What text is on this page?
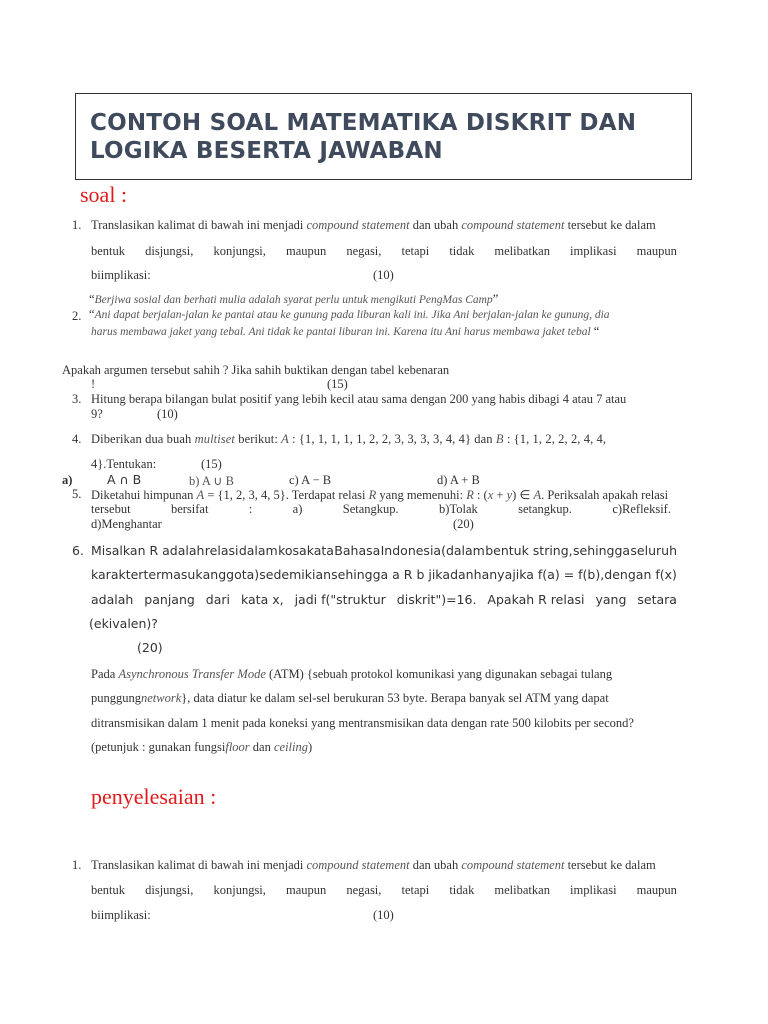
CONTOH SOAL MATEMATIKA DISKRIT DAN
LOGIKA BESERTA JAWABAN
soal :
1. Translasikan kalimat di bawah ini menjadi compound statement dan ubah compound statement tersebut ke dalam
bentuk disjungsi, konjungsi, maupun negasi, tetapi tidak melibatkan implikasi maupun
biimplikasi:	(10)
“Berjiwa sosial dan berhati mulia adalah syarat perlu untuk mengikuti PengMas Camp”
2. “Ani dapat berjalan-jalan ke pantai atau ke gunung pada liburan kali ini. Jika Ani berjalan-jalan ke gunung, dia
harus membawa jaket yang tebal. Ani tidak ke pantai liburan ini. Karena itu Ani harus membawa jaket tebal “
Apakah argumen tersebut sahih ? Jika sahih buktikan dengan tabel kebenaran
!	(15)
3. Hitung berapa bilangan bulat positif yang lebih kecil atau sama dengan 200 yang habis dibagi 4 atau 7 atau
9?	(10)
4. Diberikan dua buah multiset berikut: A : {1, 1, 1, 1, 1, 2, 2, 3, 3, 3, 3, 4, 4} dan B : {1, 1, 2, 2, 2, 4, 4,
4}.Tentukan:	(15)
a)	A ∩ B	b) A ∪ B	c) A − B	d) A + B
5. Diketahui himpunan A = {1, 2, 3, 4, 5}. Terdapat relasi R yang memenuhi: R : (x + y) ∈ A. Periksalah apakah relasi
tersebut	bersifat	:	a)	Setangkup.	b)Tolak	setangkup.	c)Refleksif.
d)Menghantar	(20)
6. Misalkan R adalah relasi dalam kosakata Bahasa Indonesia(dalam bentuk string, sehingga seluruh
karakter termasuk anggota) sedemikian sehingga a R b jika dan hanya jika f(a) = f(b), dengan f(x)
adalah panjang dari kata x, jadi f("struktur diskrit")=16. Apakah R relasi yang setara
(ekivalen)?
(20)
Pada Asynchronous Transfer Mode (ATM) {sebuah protokol komunikasi yang digunakan sebagai tulang
punggungnetwork}, data diatur ke dalam sel-sel berukuran 53 byte. Berapa banyak sel ATM yang dapat
ditransmisikan dalam 1 menit pada koneksi yang mentransmisikan data dengan rate 500 kilobits per second?
(petunjuk : gunakan fungsifloor dan ceiling)
penyelesaian :
1. Translasikan kalimat di bawah ini menjadi compound statement dan ubah compound statement tersebut ke dalam
bentuk disjungsi, konjungsi, maupun negasi, tetapi tidak melibatkan implikasi maupun
biimplikasi:	(10)
